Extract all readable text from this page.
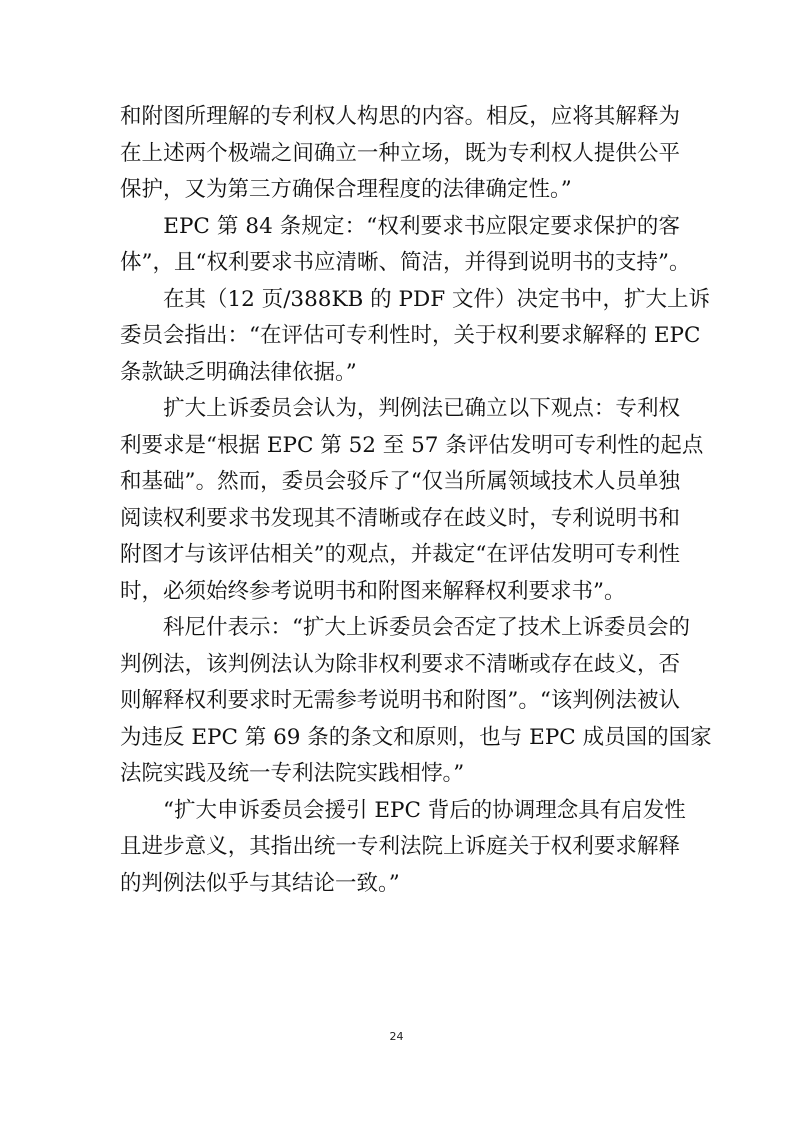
和附图所理解的专利权人构思的内容。相反，应将其解释为
在上述两个极端之间确立一种立场，既为专利权人提供公平
保护，又为第三方确保合理程度的法律确定性。”
　　EPC 第 84 条规定：“权利要求书应限定要求保护的客
体”，且“权利要求书应清晰、简洁，并得到说明书的支持”。
　　在其（12 页/388KB 的 PDF 文件）决定书中，扩大上诉
委员会指出：“在评估可专利性时，关于权利要求解释的 EPC
条款缺乏明确法律依据。”
　　扩大上诉委员会认为，判例法已确立以下观点：专利权
利要求是“根据 EPC 第 52 至 57 条评估发明可专利性的起点
和基础”。然而，委员会驳斥了“仅当所属领域技术人员单独
阅读权利要求书发现其不清晰或存在歧义时，专利说明书和
附图才与该评估相关”的观点，并裁定“在评估发明可专利性
时，必须始终参考说明书和附图来解释权利要求书”。
　　科尼什表示：“扩大上诉委员会否定了技术上诉委员会的
判例法，该判例法认为除非权利要求不清晰或存在歧义，否
则解释权利要求时无需参考说明书和附图”。“该判例法被认
为违反 EPC 第 69 条的条文和原则，也与 EPC 成员国的国家
法院实践及统一专利法院实践相悖。”
　　“扩大申诉委员会援引 EPC 背后的协调理念具有启发性
且进步意义，其指出统一专利法院上诉庭关于权利要求解释
的判例法似乎与其结论一致。”
24
